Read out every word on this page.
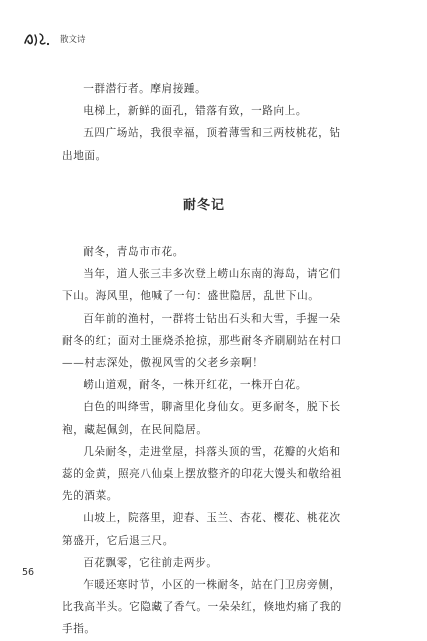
散文诗

一群潜行者。摩肩接踵。

电梯上，新鲜的面孔，错落有致，一路向上。

五四广场站，我很幸福，顶着薄雪和三两枝桃花，钻出地面。

耐冬记

耐冬，青岛市市花。

当年，道人张三丰多次登上崂山东南的海岛，请它们下山。海风里，他喊了一句：盛世隐居，乱世下山。

百年前的渔村，一群将士钻出石头和大雪，手握一朵耐冬的红；面对土匪烧杀抢掠，那些耐冬齐刷刷站在村口——村志深处，傲视风雪的父老乡亲啊！

崂山道观，耐冬，一株开红花，一株开白花。

白色的叫绛雪，聊斋里化身仙女。更多耐冬，脱下长袍，藏起佩剑，在民间隐居。

几朵耐冬，走进堂屋，抖落头顶的雪，花瓣的火焰和蕊的金黄，照亮八仙桌上摆放整齐的印花大馒头和敬给祖先的酒菜。

山坡上，院落里，迎春、玉兰、杏花、樱花、桃花次第盛开，它后退三尺。

百花飘零，它往前走两步。

乍暖还寒时节，小区的一株耐冬，站在门卫房旁侧，比我高半头。它隐藏了香气。一朵朵红，倏地灼痛了我的手指。

56
